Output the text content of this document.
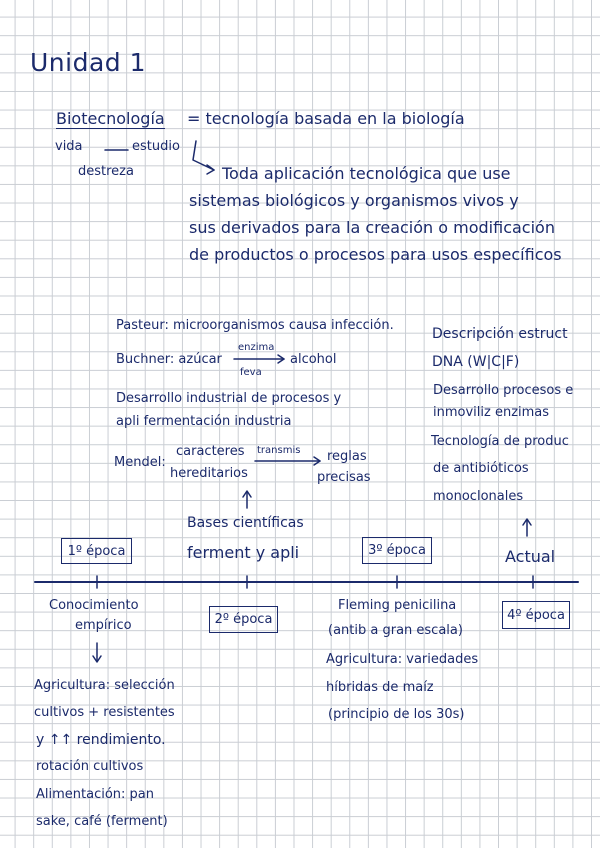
Unidad 1
Biotecnología = tecnología basada en la biología
vida	estudio
destreza	Toda aplicación tecnológica que use
sistemas biológicos y organismos vivos y
sus derivados para la creación o modificación
de productos o procesos para usos específicos
Pasteur: microorganismos causa infección.
Buchner: azúcar
enzima
feva
alcohol
Desarrollo industrial de procesos y
apli fermentación industria
Mendel:
caracteres
hereditarios
transmis reglas
precisas
Bases científicas
ferment y apli
Descripción estruct
DNA (W|C|F)
Desarrollo procesos e
inmoviliz enzimas
Tecnología de produc
de antibióticos
monoclonales
Actual
1º época
2º época
3º época
4º época
Conocimiento
empírico
Agricultura: selección
cultivos + resistentes
y ↑↑ rendimiento.
rotación cultivos
Alimentación: pan
sake, café (ferment)
Fleming penicilina
(antib a gran escala)
Agricultura: variedades
híbridas de maíz
(principio de los 30s)
